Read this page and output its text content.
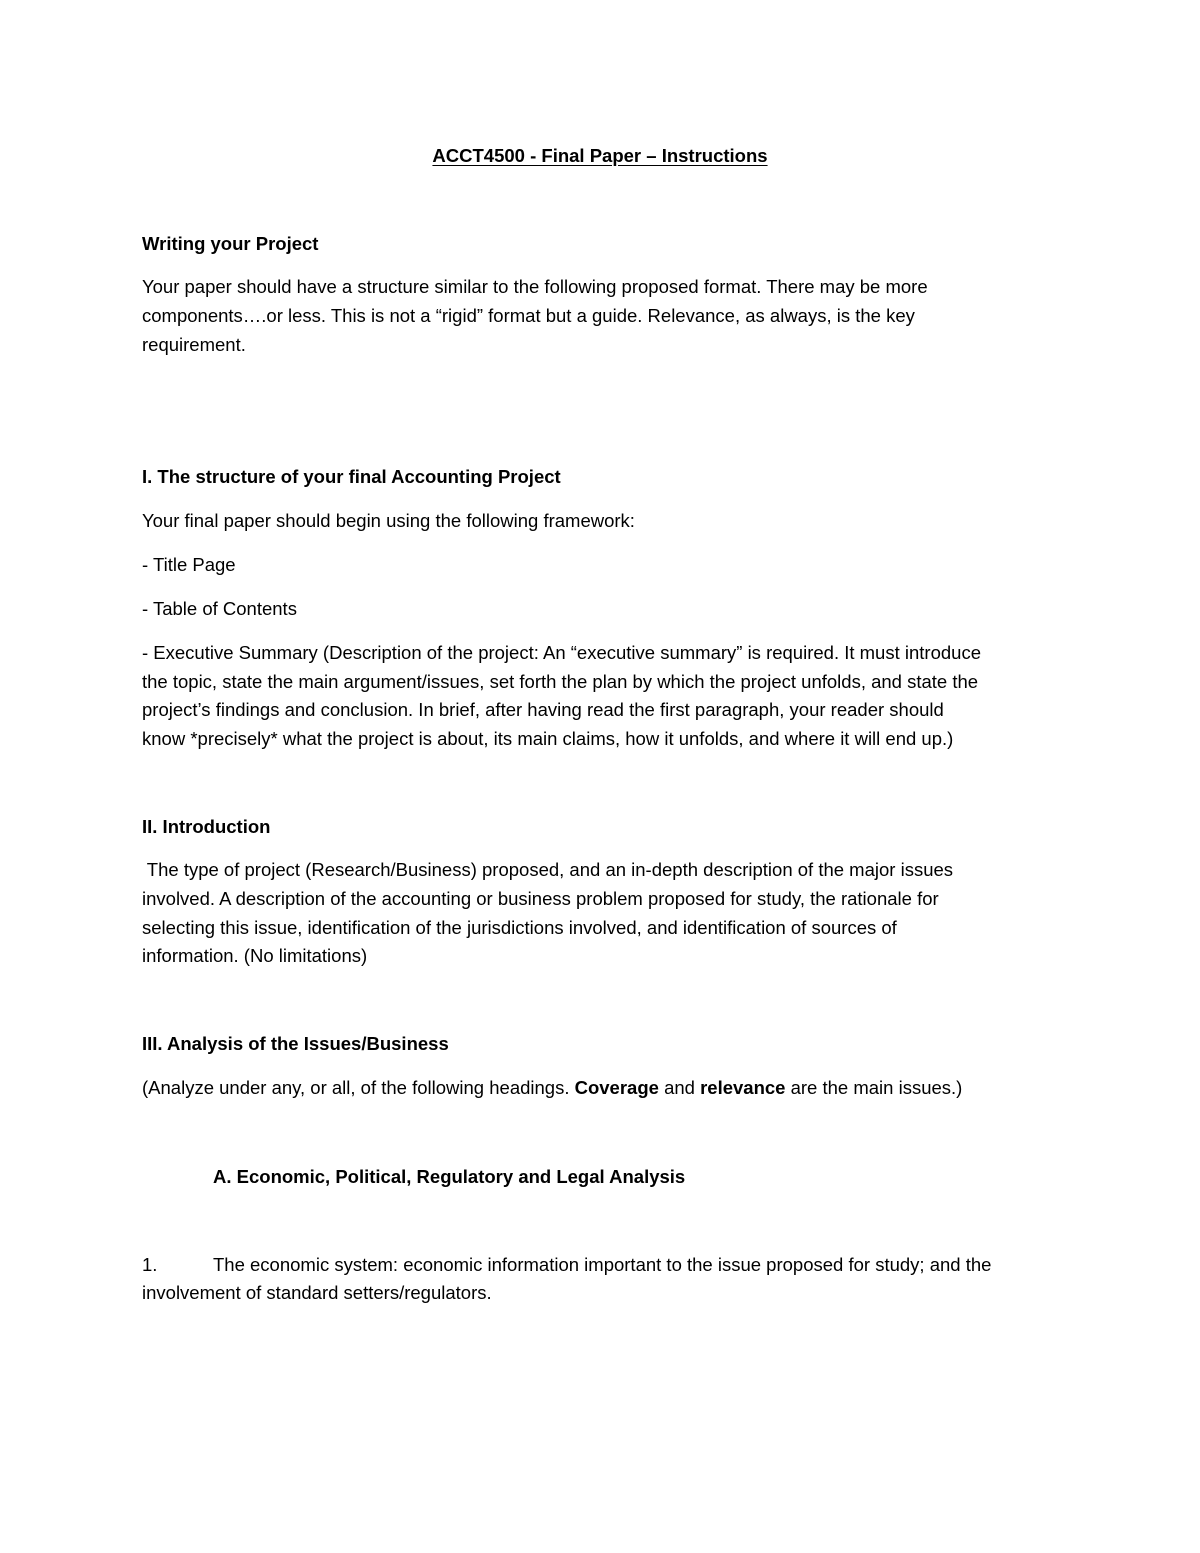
ACCT4500 - Final Paper – Instructions
Writing your Project
Your paper should have a structure similar to the following proposed format. There may be more
components….or less. This is not a “rigid” format but a guide. Relevance, as always, is the key
requirement.
I. The structure of your final Accounting Project
Your final paper should begin using the following framework:
- Title Page
- Table of Contents
- Executive Summary (Description of the project: An “executive summary” is required. It must introduce
the topic, state the main argument/issues, set forth the plan by which the project unfolds, and state the
project’s findings and conclusion. In brief, after having read the first paragraph, your reader should
know *precisely* what the project is about, its main claims, how it unfolds, and where it will end up.)
II. Introduction
The type of project (Research/Business) proposed, and an in-depth description of the major issues
involved. A description of the accounting or business problem proposed for study, the rationale for
selecting this issue, identification of the jurisdictions involved, and identification of sources of
information. (No limitations)
III. Analysis of the Issues/Business
(Analyze under any, or all, of the following headings. Coverage and relevance are the main issues.)
A. Economic, Political, Regulatory and Legal Analysis
1.	The economic system: economic information important to the issue proposed for study; and the
involvement of standard setters/regulators.
